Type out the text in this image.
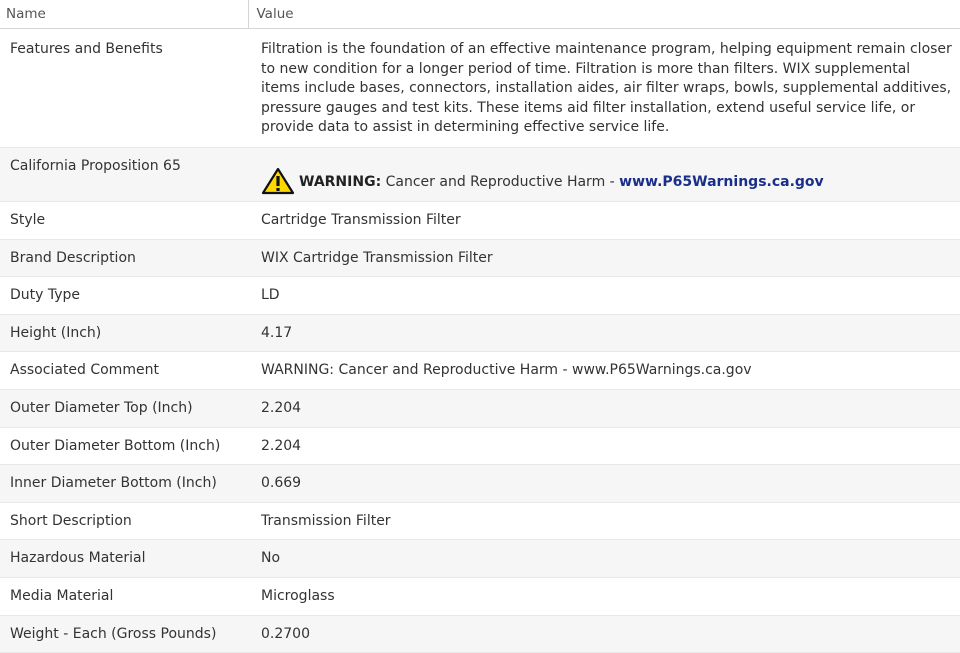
Name	Value
Features and Benefits	Filtration is the foundation of an effective maintenance program, helping equipment remain closer to new condition for a longer period of time. Filtration is more than filters. WIX supplemental items include bases, connectors, installation aides, air filter wraps, bowls, supplemental additives, pressure gauges and test kits. These items aid filter installation, extend useful service life, or provide data to assist in determining effective service life.
California Proposition 65	WARNING: Cancer and Reproductive Harm - www.P65Warnings.ca.gov

Style	Cartridge Transmission Filter
Brand Description	WIX Cartridge Transmission Filter
Duty Type	LD
Height (Inch)	4.17
Associated Comment	WARNING: Cancer and Reproductive Harm - www.P65Warnings.ca.gov
Outer Diameter Top (Inch)	2.204
Outer Diameter Bottom (Inch)	2.204
Inner Diameter Bottom (Inch)	0.669
Short Description	Transmission Filter
Hazardous Material	No
Media Material	Microglass
Weight - Each (Gross Pounds)	0.2700
